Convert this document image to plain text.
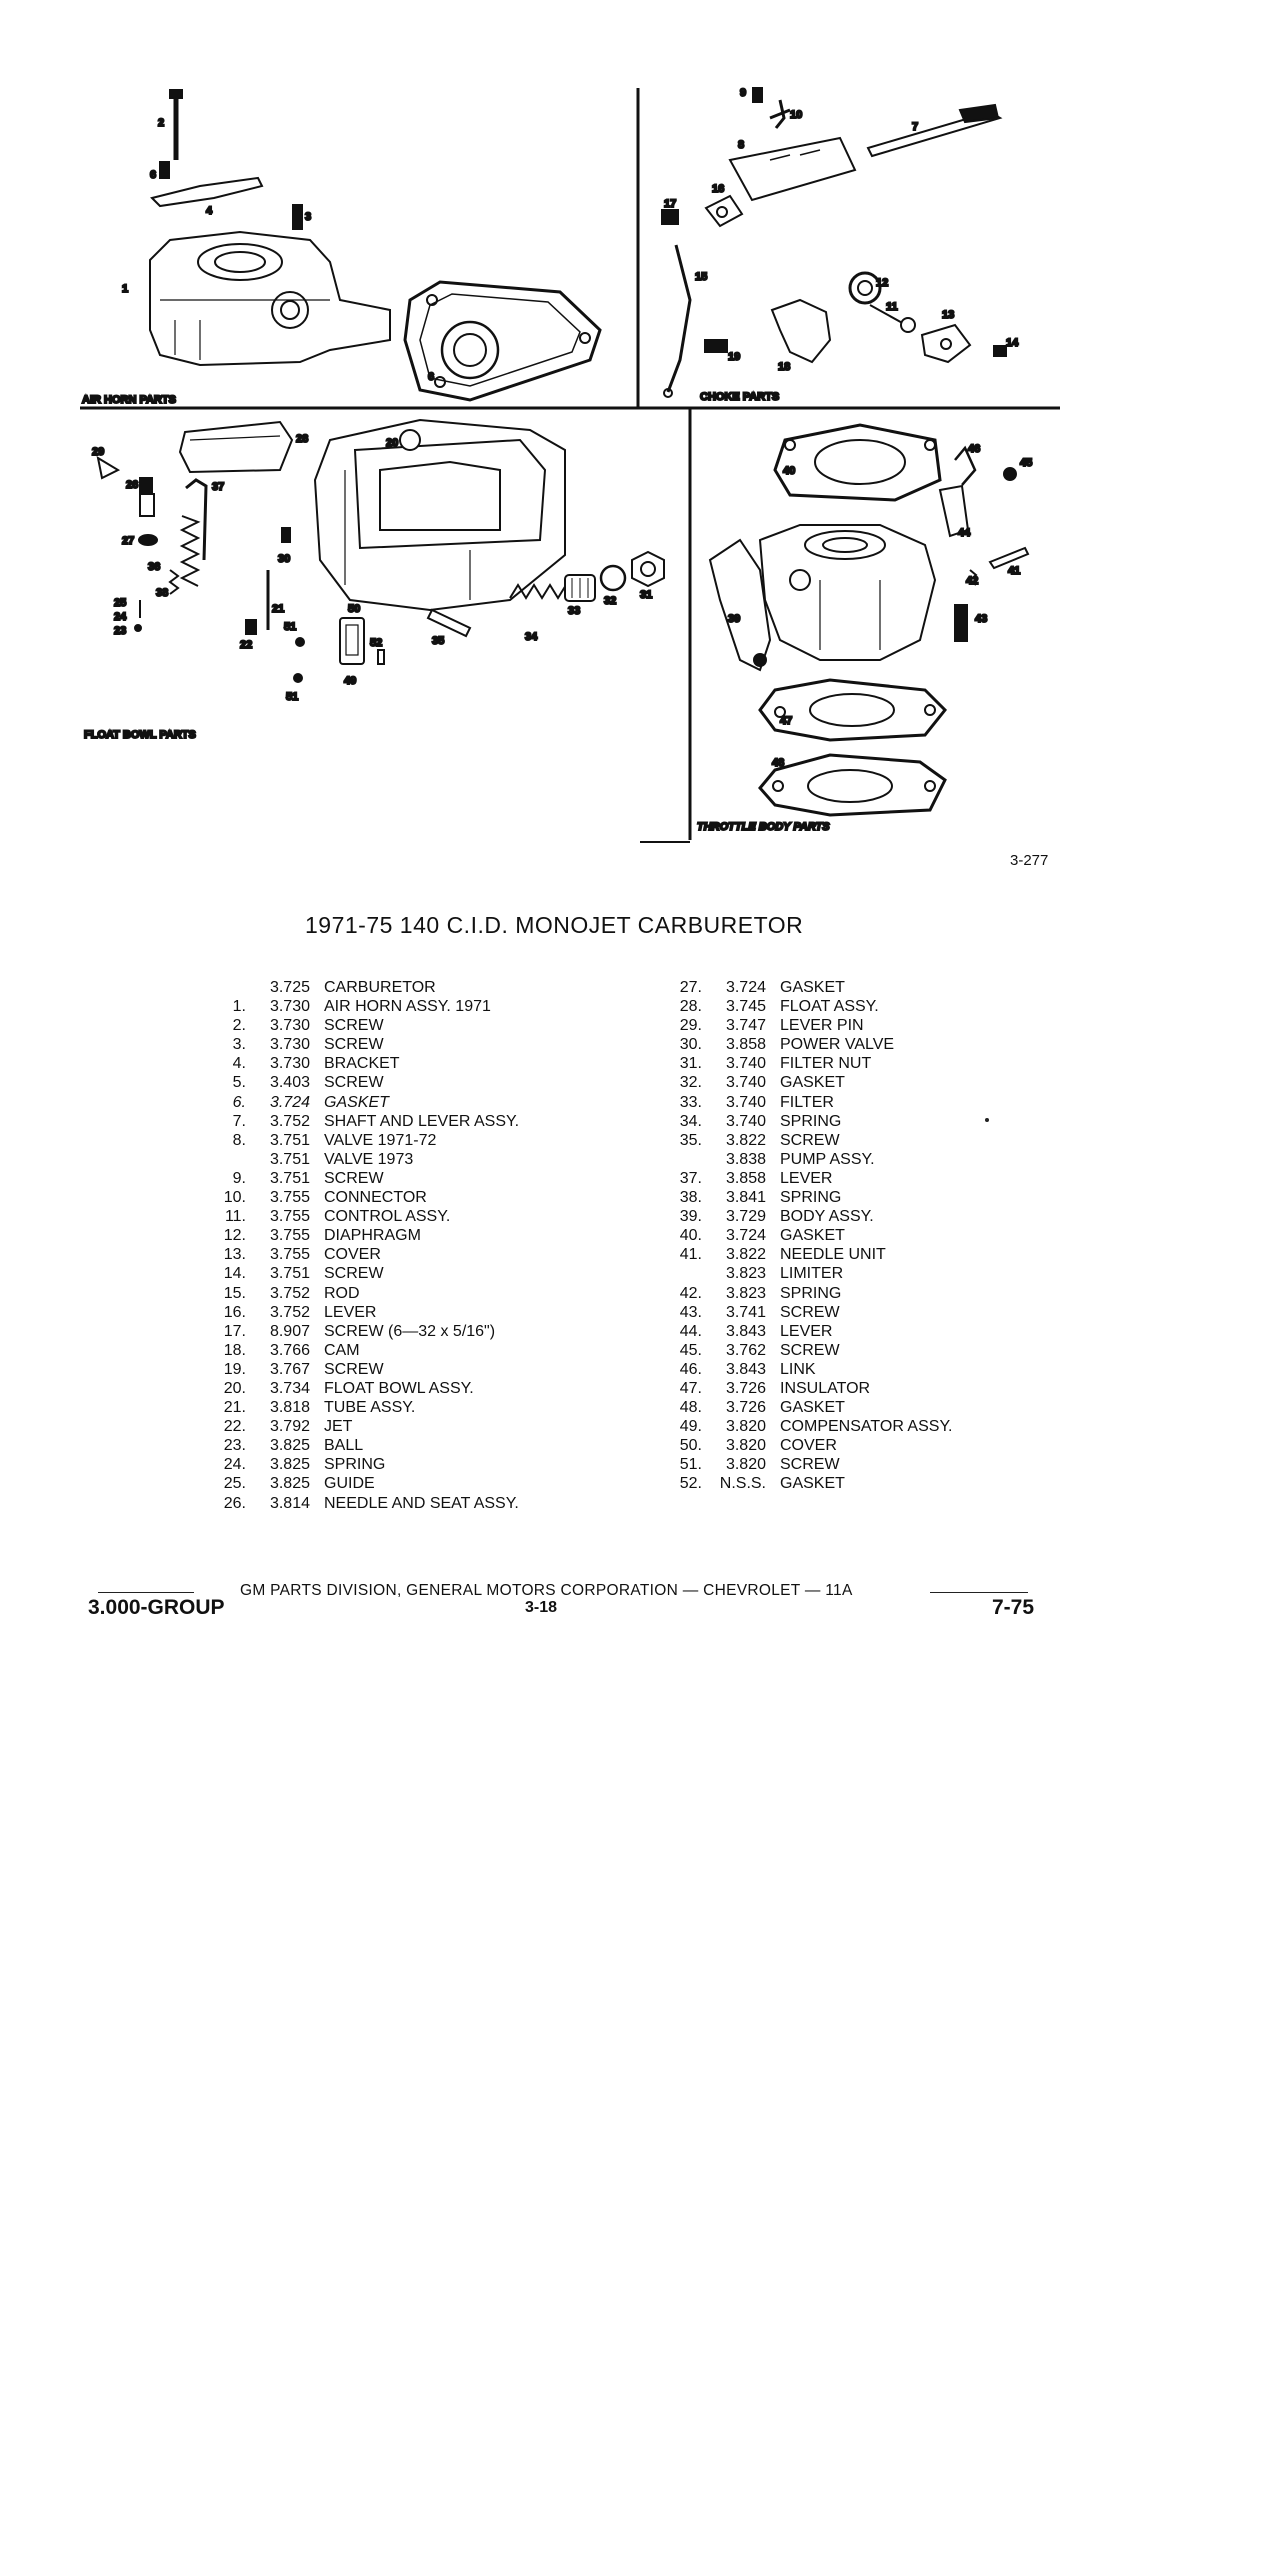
2
6
4	3
1
6
AIR HORN PARTS
9
10
7
8
16
17
15	12
11
13
14
19
18
CHOKE PARTS
29
28	20
26	37
27
36
30
38
25
24
23
21	50
51
22	52	35	34
33
32 31
49
51
FLOAT BOWL PARTS
40
46
45
44
41
42
43
39
47
48
THROTTLE BODY PARTS
3-277
1971-75 140 C.I.D. MONOJET CARBURETOR
3.725 CARBURETOR
1.	3.730 AIR HORN ASSY. 1971
2.	3.730 SCREW
3.	3.730 SCREW
4.	3.730 BRACKET
5.	3.403 SCREW
6.	3.724 GASKET
7.	3.752 SHAFT AND LEVER ASSY.
8.	3.751 VALVE 1971-72
3.751 VALVE 1973
9.	3.751 SCREW
10.	3.755 CONNECTOR
11.	3.755 CONTROL ASSY.
12.	3.755 DIAPHRAGM
13.	3.755 COVER
14.	3.751 SCREW
15.	3.752 ROD
16.	3.752 LEVER
17.	8.907 SCREW (6—32 x 5/16")
18.	3.766 CAM
19.	3.767 SCREW
20.	3.734 FLOAT BOWL ASSY.
21.	3.818 TUBE ASSY.
22.	3.792 JET
23.	3.825 BALL
24.	3.825 SPRING
25.	3.825 GUIDE
26.	3.814 NEEDLE AND SEAT ASSY.
27.	3.724 GASKET
28.	3.745 FLOAT ASSY.
29.	3.747 LEVER PIN
30.	3.858 POWER VALVE
31.	3.740 FILTER NUT
32.	3.740 GASKET
33.	3.740 FILTER
34.	3.740 SPRING
35.	3.822 SCREW
3.838 PUMP ASSY.
37.	3.858 LEVER
38.	3.841 SPRING
39.	3.729 BODY ASSY.
40.	3.724 GASKET
41.	3.822 NEEDLE UNIT
3.823 LIMITER
42.	3.823 SPRING
43.	3.741 SCREW
44.	3.843 LEVER
45.	3.762 SCREW
46.	3.843 LINK
47.	3.726 INSULATOR
48.	3.726 GASKET
49.	3.820 COMPENSATOR ASSY.
50.	3.820 COVER
51.	3.820 SCREW
52.	N.S.S. GASKET
GM PARTS DIVISION, GENERAL MOTORS CORPORATION — CHEVROLET — 11A
3.000-GROUP	3-18	7-75
